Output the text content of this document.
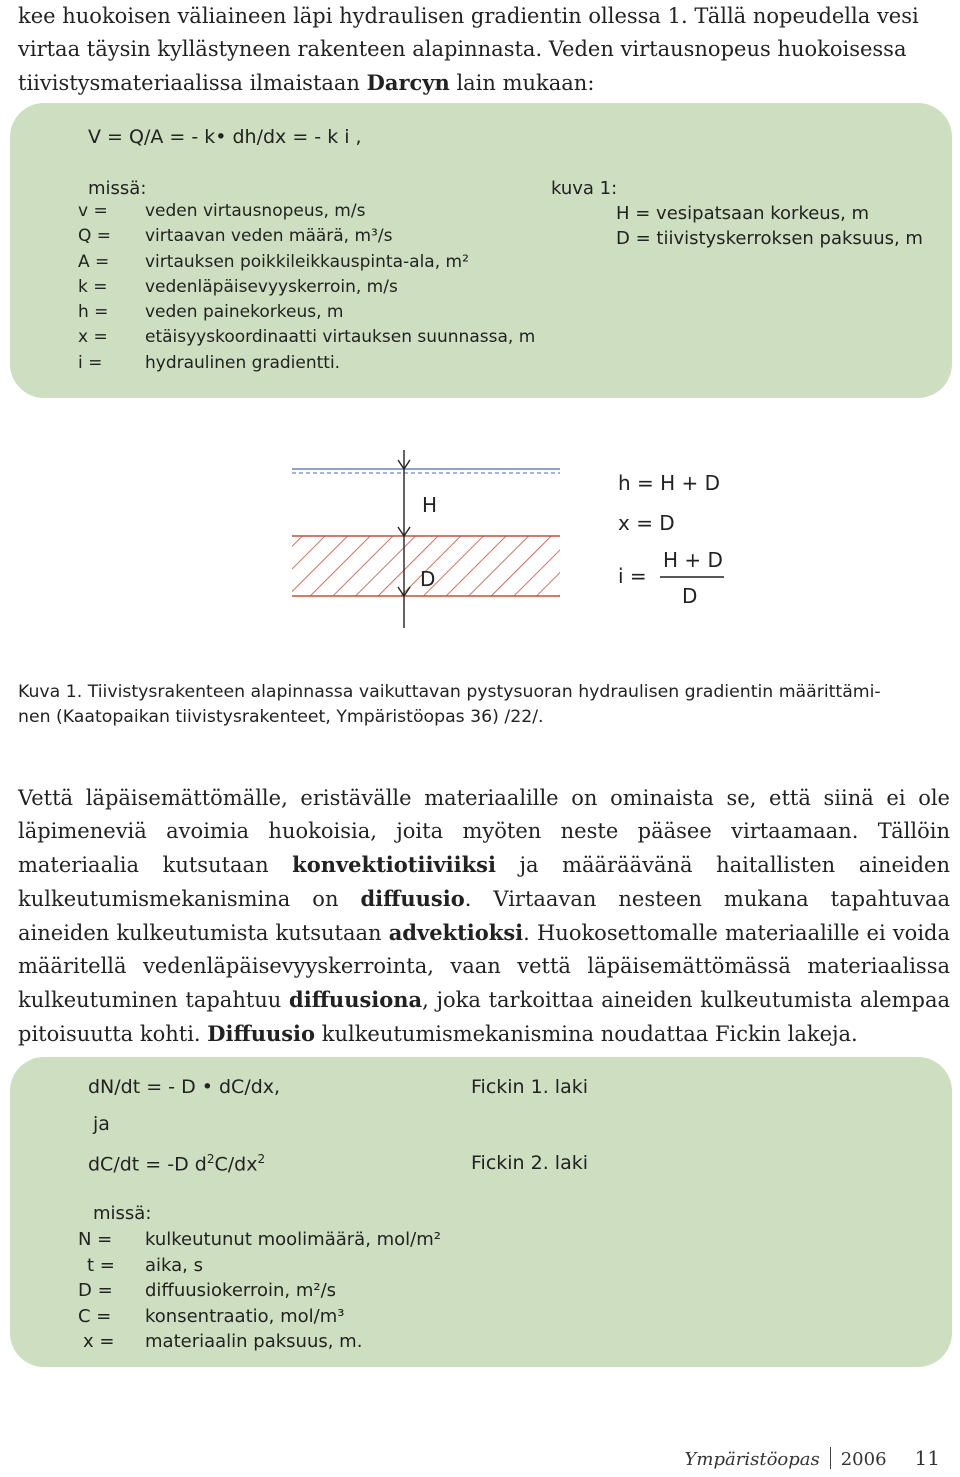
kee huokoisen väliaineen läpi hydraulisen gradientin ollessa 1. Tällä nopeudella vesi
virtaa täysin kyllästyneen rakenteen alapinnasta. Veden virtausnopeus huokoisessa
tiivistysmateriaalissa ilmaistaan Darcyn lain mukaan:
V = Q/A = - k• dh/dx = - k i ,
missä:	kuva 1:
H = vesipatsaan korkeus, m
D = tiivistyskerroksen paksuus, m
v =	veden virtausnopeus, m/s
Q =	virtaavan veden määrä, m³/s
A =	virtauksen poikkileikkauspinta-ala, m²
k =	vedenläpäisevyyskerroin, m/s
h =	veden painekorkeus, m
x =	etäisyyskoordinaatti virtauksen suunnassa, m
i =	hydraulinen gradientti.
H
D
h = H + D
x = D
i =
H + D
D
Kuva 1. Tiivistysrakenteen alapinnassa vaikuttavan pystysuoran hydraulisen gradientin määrittämi-
nen (Kaatopaikan tiivistysrakenteet, Ympäristöopas 36) /22/.
Vettä läpäisemättömälle, eristävälle materiaalille on ominaista se, että siinä ei ole läpimeneviä avoimia huokoisia, joita myöten neste pääsee virtaamaan. Tällöin materiaalia kutsutaan konvektiotiiviiksi ja määräävänä haitallisten aineiden kulkeutumismekanismina on diffuusio. Virtaavan nesteen mukana tapahtuvaa aineiden kulkeutumista kutsutaan advektioksi. Huokosettomalle materiaalille ei voida määritellä vedenläpäisevyyskerrointa, vaan vettä läpäisemättömässä materiaalissa kulkeutuminen tapahtuu diffuusiona, joka tarkoittaa aineiden kulkeutumista alempaa pitoisuutta kohti. Diffuusio kulkeutumismekanismina noudattaa Fickin lakeja.
dN/dt = - D • dC/dx,	Fickin 1. laki
ja
dC/dt = -D $d^2C/dx^2$	Fickin 2. laki
missä:
N =	kulkeutunut moolimäärä, mol/m²
t =	aika, s
D =	diffuusiokerroin, m²/s
C =	konsentraatio, mol/m³
x =	materiaalin paksuus, m.
Ympäristöopas 2006 11
